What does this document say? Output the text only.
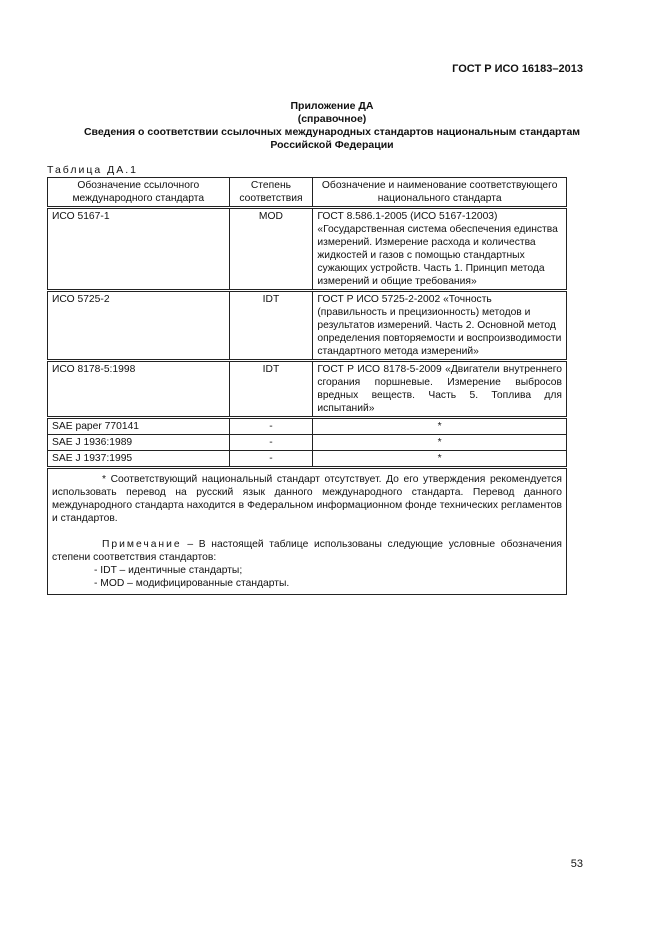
ГОСТ Р ИСО 16183–2013
Приложение ДА
(справочное)
Сведения о соответствии ссылочных международных стандартов национальным стандартам
Российской Федерации
Таблица ДА.1
Обозначение ссылочного международного стандарта	Степень соответствия	Обозначение и наименование соответствующего национального стандарта
ИСО 5167-1	MOD	ГОСТ 8.586.1-2005 (ИСО 5167-12003) «Государственная система обеспечения единства измерений. Измерение расхода и количества жидкостей и газов с помощью стандартных сужающих устройств. Часть 1. Принцип метода измерений и общие требования»
ИСО 5725-2	IDT	ГОСТ Р ИСО 5725-2-2002 «Точность (правильность и прецизионность) методов и результатов измерений. Часть 2. Основной метод определения повторяемости и воспроизводимости стандартного метода измерений»
ИСО 8178-5:1998	IDT	ГОСТ Р ИСО 8178-5-2009 «Двигатели внутреннего сгорания поршневые. Измерение выбросов вредных веществ. Часть 5. Топлива для испытаний»
SAE paper 770141	-	*
SAE J 1936:1989	-	*
SAE J 1937:1995	-	*

* Соответствующий национальный стандарт отсутствует. До его утверждения рекомендуется использовать перевод на русский язык данного международного стандарта. Перевод данного международного стандарта находится в Федеральном информационном фонде технических регламентов и стандартов.

Примечание – В настоящей таблице использованы следующие условные обозначения степени соответствия стандартов:

- IDT – идентичные стандарты;

- MOD – модифицированные стандарты.		

53
